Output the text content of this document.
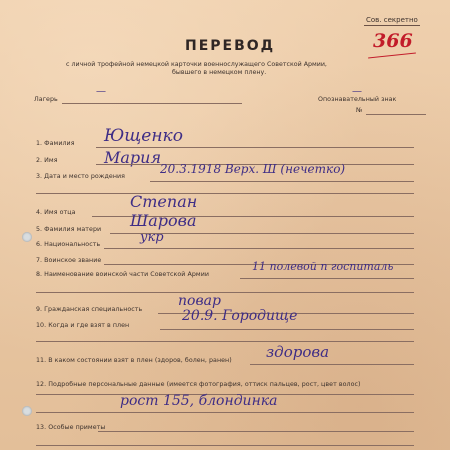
Сов. секретно
366
ПЕРЕВОД
с личной трофейной немецкой карточки военнослужащего Советской Армии,
бывшего в немецком плену.
Лагерь
—
Опознавательный знак
—
№
1. Фамилия Ющенко
2. Имя	Мария
3. Дата и место рождения
20.3.1918 Верх. Ш (нечетко)
4. Имя отца
Степан
5. Фамилия матери Шарова
6. Национальность	укр
7. Воинское звание
8. Наименование воинской части Советской Армии
11 полевой п госпиталь
9. Гражданская специальность
повар
10. Когда и где взят в плен
20.9. Городище
11. В каком состоянии взят в плен (здоров, болен, ранен) здорова
12. Подробные персональные данные (имеется фотография, оттиск пальцев, рост, цвет волос)
рост 155, блондинка
13. Особые приметы
